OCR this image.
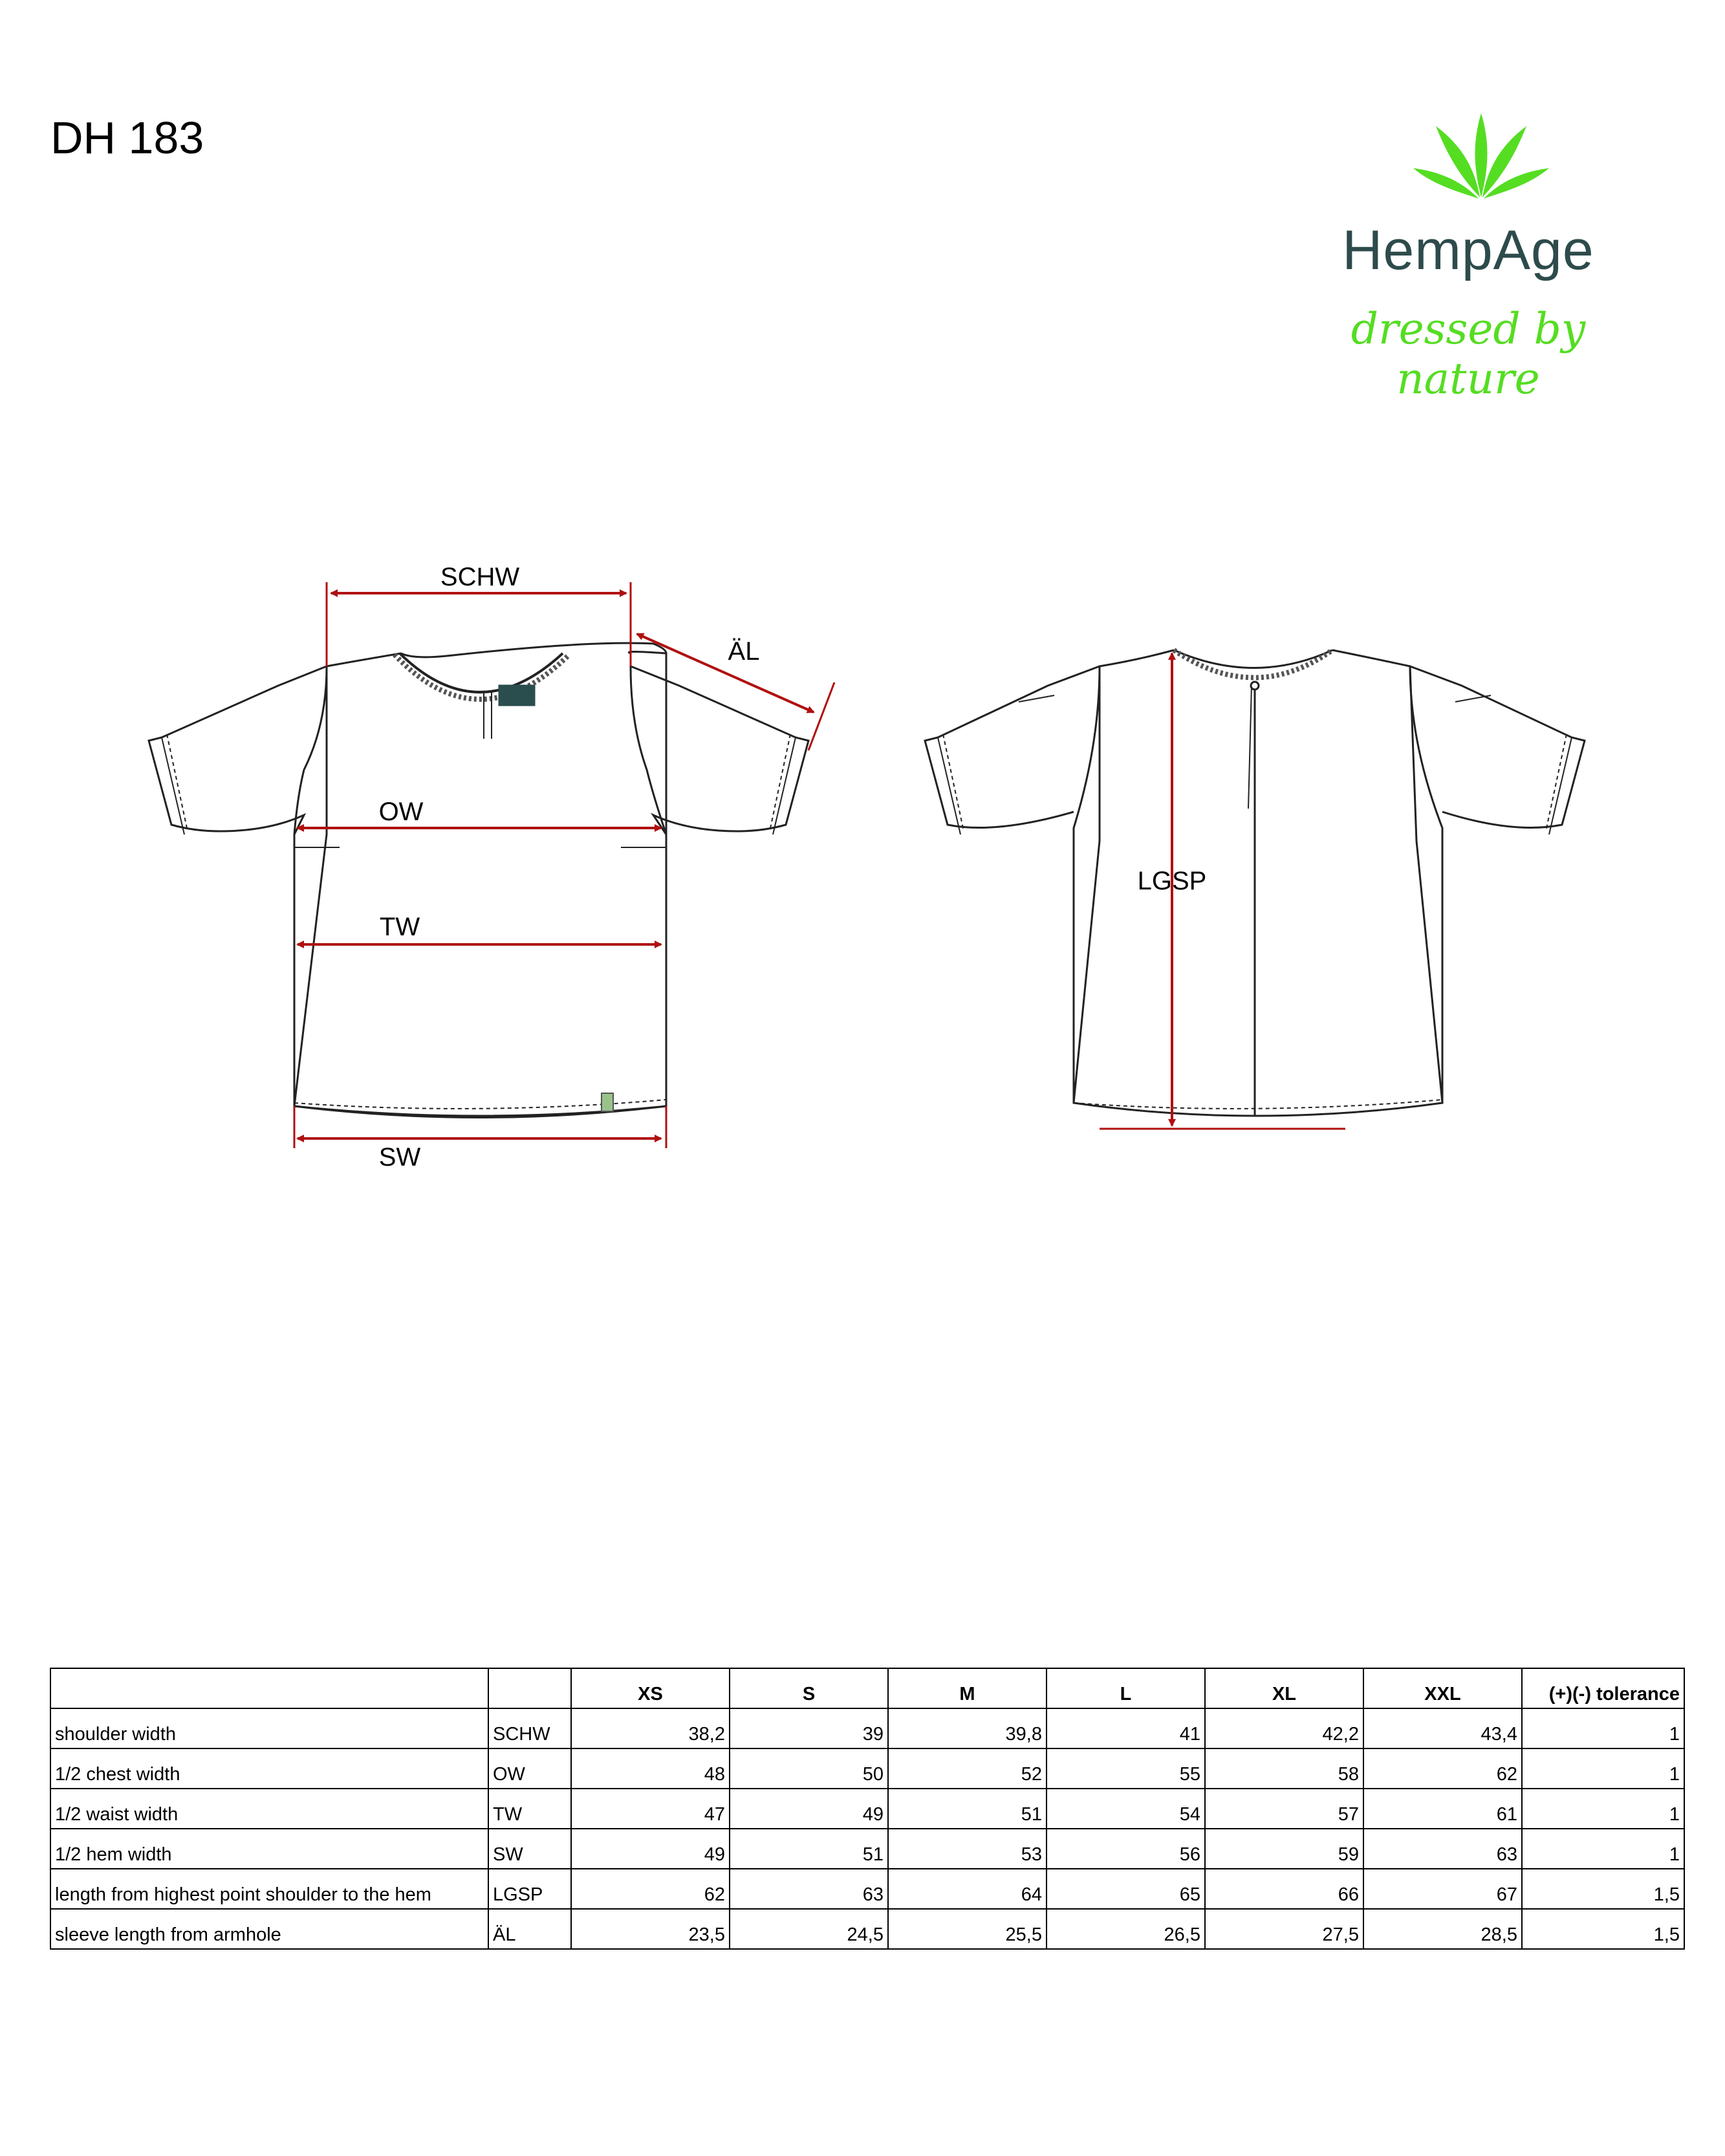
DH 183
HempAge
dressed by nature
SCHW
ÄL
OW
TW
SW
LGSP
		XS	S	M	L	XL	XXL	(+)(-) tolerance
shoulder width	SCHW	38,2	39	39,8	41	42,2	43,4	1
1/2 chest width	OW	48	50	52	55	58	62	1
1/2 waist width	TW	47	49	51	54	57	61	1
1/2 hem width	SW	49	51	53	56	59	63	1
length from highest point shoulder to the hem	LGSP	62	63	64	65	66	67	1,5
sleeve length from armhole	ÄL	23,5	24,5	25,5	26,5	27,5	28,5	1,5
